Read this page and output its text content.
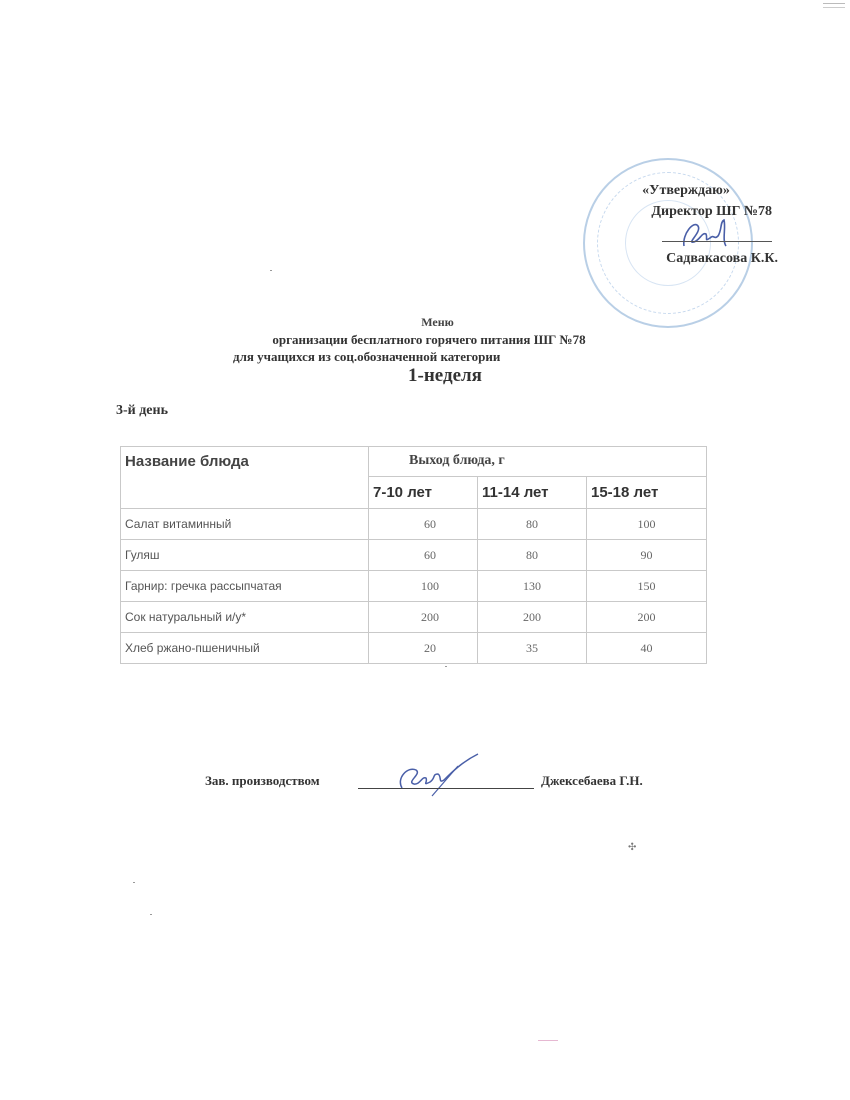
«Утверждаю»
Директор ШГ №78
Садвакасова К.К.
Меню
организации бесплатного горячего питания ШГ №78
для учащихся из соц.обозначенной категории
1-неделя
3-й день
Название блюда	Выход блюда, г		
	7-10 лет	11-14 лет	15-18 лет
Салат витаминный	60	80	100
Гуляш	60	80	90
Гарнир: гречка рассыпчатая	100	130	150
Сок натуральный и/у*	200	200	200
Хлеб ржано-пшеничный	20	35	40
Зав. производством	Джексебаева Г.Н.
✣
